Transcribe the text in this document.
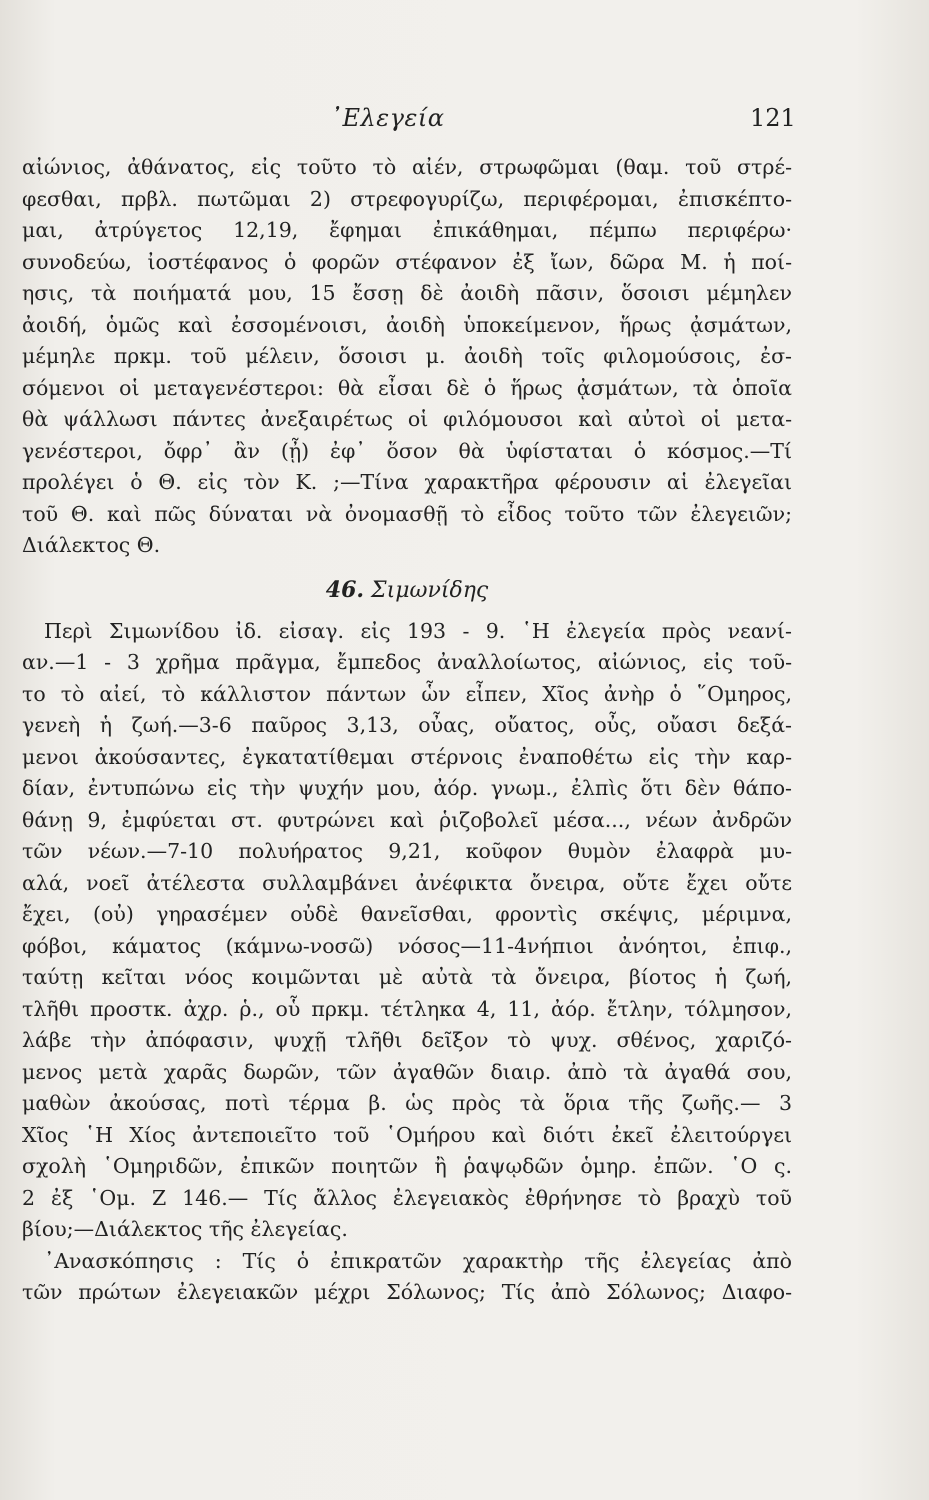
᾽Ελεγεία	121
αἰώνιος, ἀθάνατος, εἰς τοῦτο τὸ αἰέν, στρωφῶμαι (θαμ. τοῦ στρέ-
φεσθαι, πρβλ. πωτῶμαι 2) στρεφογυρίζω, περιφέρομαι, ἐπισκέπτο-
μαι, ἀτρύγετος 12,19, ἔφημαι ἐπικάθημαι, πέμπω περιφέρω·
συνοδεύω, ἰοστέφανος ὁ φορῶν στέφανον ἐξ ἴων, δῶρα Μ. ἡ ποί-
ησις, τὰ ποιήματά μου, 15 ἔσσῃ δὲ ἀοιδὴ πᾶσιν, ὅσοισι μέμηλεν
ἀοιδή, ὁμῶς καὶ ἐσσομένοισι, ἀοιδὴ ὑποκείμενον, ἥρως ᾀσμάτων,
μέμηλε πρκμ. τοῦ μέλειν, ὅσοισι μ. ἀοιδὴ τοῖς φιλομούσοις, ἐσ-
σόμενοι οἱ μεταγενέστεροι: θὰ εἶσαι δὲ ὁ ἥρως ᾀσμάτων, τὰ ὁποῖα
θὰ ψάλλωσι πάντες ἀνεξαιρέτως οἱ φιλόμουσοι καὶ αὐτοὶ οἱ μετα-
γενέστεροι, ὄφρ᾽ ἂν (ᾖ) ἐφ᾽ ὅσον θὰ ὑφίσταται ὁ κόσμος.—Τί
προλέγει ὁ Θ. εἰς τὸν Κ. ;—Τίνα χαρακτῆρα φέρουσιν αἱ ἐλεγεῖαι
τοῦ Θ. καὶ πῶς δύναται νὰ ὀνομασθῇ τὸ εἶδος τοῦτο τῶν ἐλεγειῶν;
Διάλεκτος Θ.
46. Σιμωνίδης
Περὶ Σιμωνίδου ἰδ. εἰσαγ. εἰς 193 - 9. ῾Η ἐλεγεία πρὸς νεανί-
αν.—1 - 3 χρῆμα πρᾶγμα, ἔμπεδος ἀναλλοίωτος, αἰώνιος, εἰς τοῦ-
το τὸ αἰεί, τὸ κάλλιστον πάντων ὧν εἶπεν, Χῖος ἀνὴρ ὁ ῞Ομηρος,
γενεὴ ἡ ζωή.—3-6 παῦρος 3,13, οὖας, οὔατος, οὖς, οὔασι δεξά-
μενοι ἀκούσαντες, ἐγκατατίθεμαι στέρνοις ἐναποθέτω εἰς τὴν καρ-
δίαν, ἐντυπώνω εἰς τὴν ψυχήν μου, ἀόρ. γνωμ., ἐλπὶς ὅτι δὲν θάπο-
θάνῃ 9, ἐμφύεται στ. φυτρώνει καὶ ῥιζοβολεῖ μέσα..., νέων ἀνδρῶν
τῶν νέων.—7-10 πολυήρατος 9,21, κοῦφον θυμὸν ἐλαφρὰ μυ-
αλά, νοεῖ ἀτέλεστα συλλαμβάνει ἀνέφικτα ὄνειρα, οὔτε ἔχει οὔτε
ἔχει, (οὐ) γηρασέμεν οὐδὲ θανεῖσθαι, φροντὶς σκέψις, μέριμνα,
φόβοι, κάματος (κάμνω-νοσῶ) νόσος—11-4νήπιοι ἀνόητοι, ἐπιφ.,
ταύτῃ κεῖται νόος κοιμῶνται μὲ αὐτὰ τὰ ὄνειρα, βίοτος ἡ ζωή,
τλῆθι προστκ. ἀχρ. ῥ., οὗ πρκμ. τέτληκα 4, 11, ἀόρ. ἔτλην, τόλμησον,
λάβε τὴν ἀπόφασιν, ψυχῇ τλῆθι δεῖξον τὸ ψυχ. σθένος, χαριζό-
μενος μετὰ χαρᾶς δωρῶν, τῶν ἀγαθῶν διαιρ. ἀπὸ τὰ ἀγαθά σου,
μαθὼν ἀκούσας, ποτὶ τέρμα β. ὡς πρὸς τὰ ὅρια τῆς ζωῆς.— 3
Χῖος ῾Η Χίος ἀντεποιεῖτο τοῦ ῾Ομήρου καὶ διότι ἐκεῖ ἐλειτούργει
σχολὴ ῾Ομηριδῶν, ἐπικῶν ποιητῶν ἢ ῥαψῳδῶν ὁμηρ. ἐπῶν. ῾Ο ς.
2 ἐξ ῾Ομ. Ζ 146.— Τίς ἄλλος ἐλεγειακὸς ἐθρήνησε τὸ βραχὺ τοῦ
βίου;—Διάλεκτος τῆς ἐλεγείας.
᾽Ανασκόπησις : Τίς ὁ ἐπικρατῶν χαρακτὴρ τῆς ἐλεγείας ἀπὸ
τῶν πρώτων ἐλεγειακῶν μέχρι Σόλωνος; Τίς ἀπὸ Σόλωνος; Διαφο-
